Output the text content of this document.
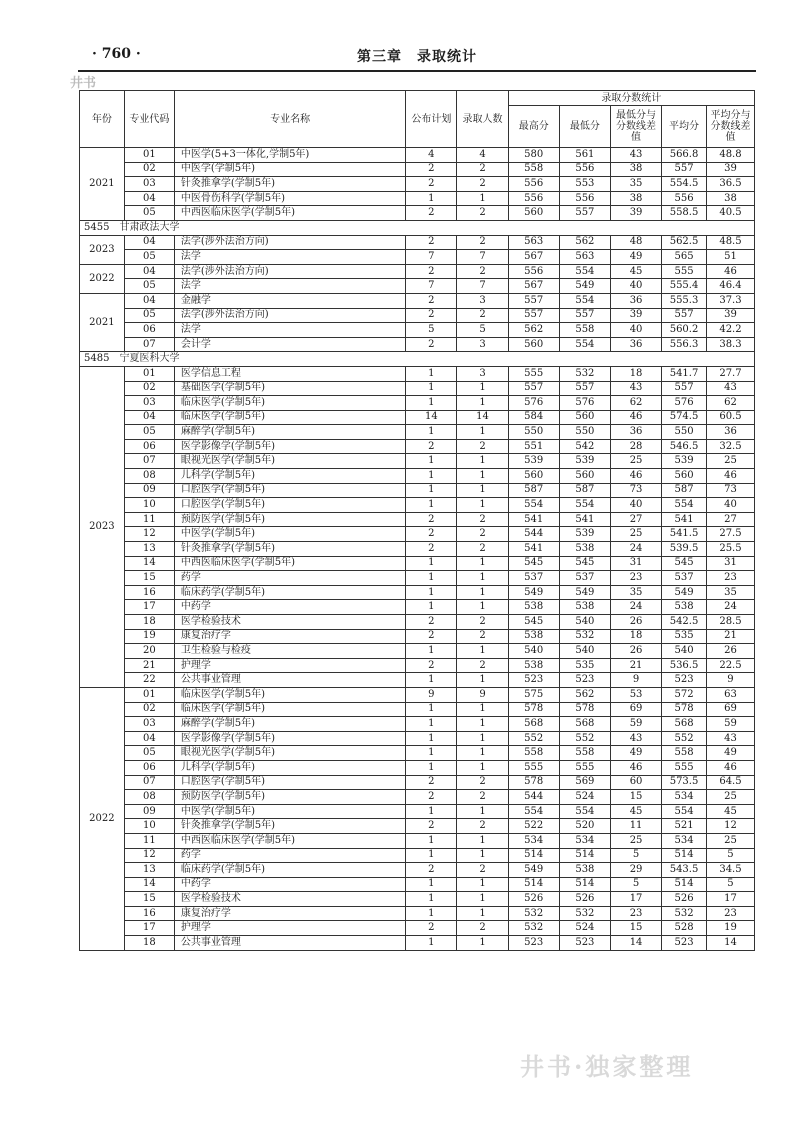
· 760 ·	第三章　录取统计
井书
年份	专业代码	专业名称	公布计划	录取人数	录取分数统计				
					最高分	最低分	最低分与分数线差值	平均分	平均分与分数线差值
2021	01	中医学(5+3一体化,学制5年)	4	4	580	561	43	566.8	48.8
	02	中医学(学制5年)	2	2	558	556	38	557	39
	03	针灸推拿学(学制5年)	2	2	556	553	35	554.5	36.5
	04	中医骨伤科学(学制5年)	1	1	556	556	38	556	38
	05	中西医临床医学(学制5年)	2	2	560	557	39	558.5	40.5
5455　甘肃政法大学									
2023	04	法学(涉外法治方向)	2	2	563	562	48	562.5	48.5
	05	法学	7	7	567	563	49	565	51
2022	04	法学(涉外法治方向)	2	2	556	554	45	555	46
	05	法学	7	7	567	549	40	555.4	46.4
2021	04	金融学	2	3	557	554	36	555.3	37.3
	05	法学(涉外法治方向)	2	2	557	557	39	557	39
	06	法学	5	5	562	558	40	560.2	42.2
	07	会计学	2	3	560	554	36	556.3	38.3
5485　宁夏医科大学									
2023	01	医学信息工程	1	3	555	532	18	541.7	27.7
	02	基础医学(学制5年)	1	1	557	557	43	557	43
	03	临床医学(学制5年)	1	1	576	576	62	576	62
	04	临床医学(学制5年)	14	14	584	560	46	574.5	60.5
	05	麻醉学(学制5年)	1	1	550	550	36	550	36
	06	医学影像学(学制5年)	2	2	551	542	28	546.5	32.5
	07	眼视光医学(学制5年)	1	1	539	539	25	539	25
	08	儿科学(学制5年)	1	1	560	560	46	560	46
	09	口腔医学(学制5年)	1	1	587	587	73	587	73
	10	口腔医学(学制5年)	1	1	554	554	40	554	40
	11	预防医学(学制5年)	2	2	541	541	27	541	27
	12	中医学(学制5年)	2	2	544	539	25	541.5	27.5
	13	针灸推拿学(学制5年)	2	2	541	538	24	539.5	25.5
	14	中西医临床医学(学制5年)	1	1	545	545	31	545	31
	15	药学	1	1	537	537	23	537	23
	16	临床药学(学制5年)	1	1	549	549	35	549	35
	17	中药学	1	1	538	538	24	538	24
	18	医学检验技术	2	2	545	540	26	542.5	28.5
	19	康复治疗学	2	2	538	532	18	535	21
	20	卫生检验与检疫	1	1	540	540	26	540	26
	21	护理学	2	2	538	535	21	536.5	22.5
	22	公共事业管理	1	1	523	523	9	523	9
2022	01	临床医学(学制5年)	9	9	575	562	53	572	63
	02	临床医学(学制5年)	1	1	578	578	69	578	69
	03	麻醉学(学制5年)	1	1	568	568	59	568	59
	04	医学影像学(学制5年)	1	1	552	552	43	552	43
	05	眼视光医学(学制5年)	1	1	558	558	49	558	49
	06	儿科学(学制5年)	1	1	555	555	46	555	46
	07	口腔医学(学制5年)	2	2	578	569	60	573.5	64.5
	08	预防医学(学制5年)	2	2	544	524	15	534	25
	09	中医学(学制5年)	1	1	554	554	45	554	45
	10	针灸推拿学(学制5年)	2	2	522	520	11	521	12
	11	中西医临床医学(学制5年)	1	1	534	534	25	534	25
	12	药学	1	1	514	514	5	514	5
	13	临床药学(学制5年)	2	2	549	538	29	543.5	34.5
	14	中药学	1	1	514	514	5	514	5
	15	医学检验技术	1	1	526	526	17	526	17
	16	康复治疗学	1	1	532	532	23	532	23
	17	护理学	2	2	532	524	15	528	19
	18	公共事业管理	1	1	523	523	14	523	14
井书·独家整理
